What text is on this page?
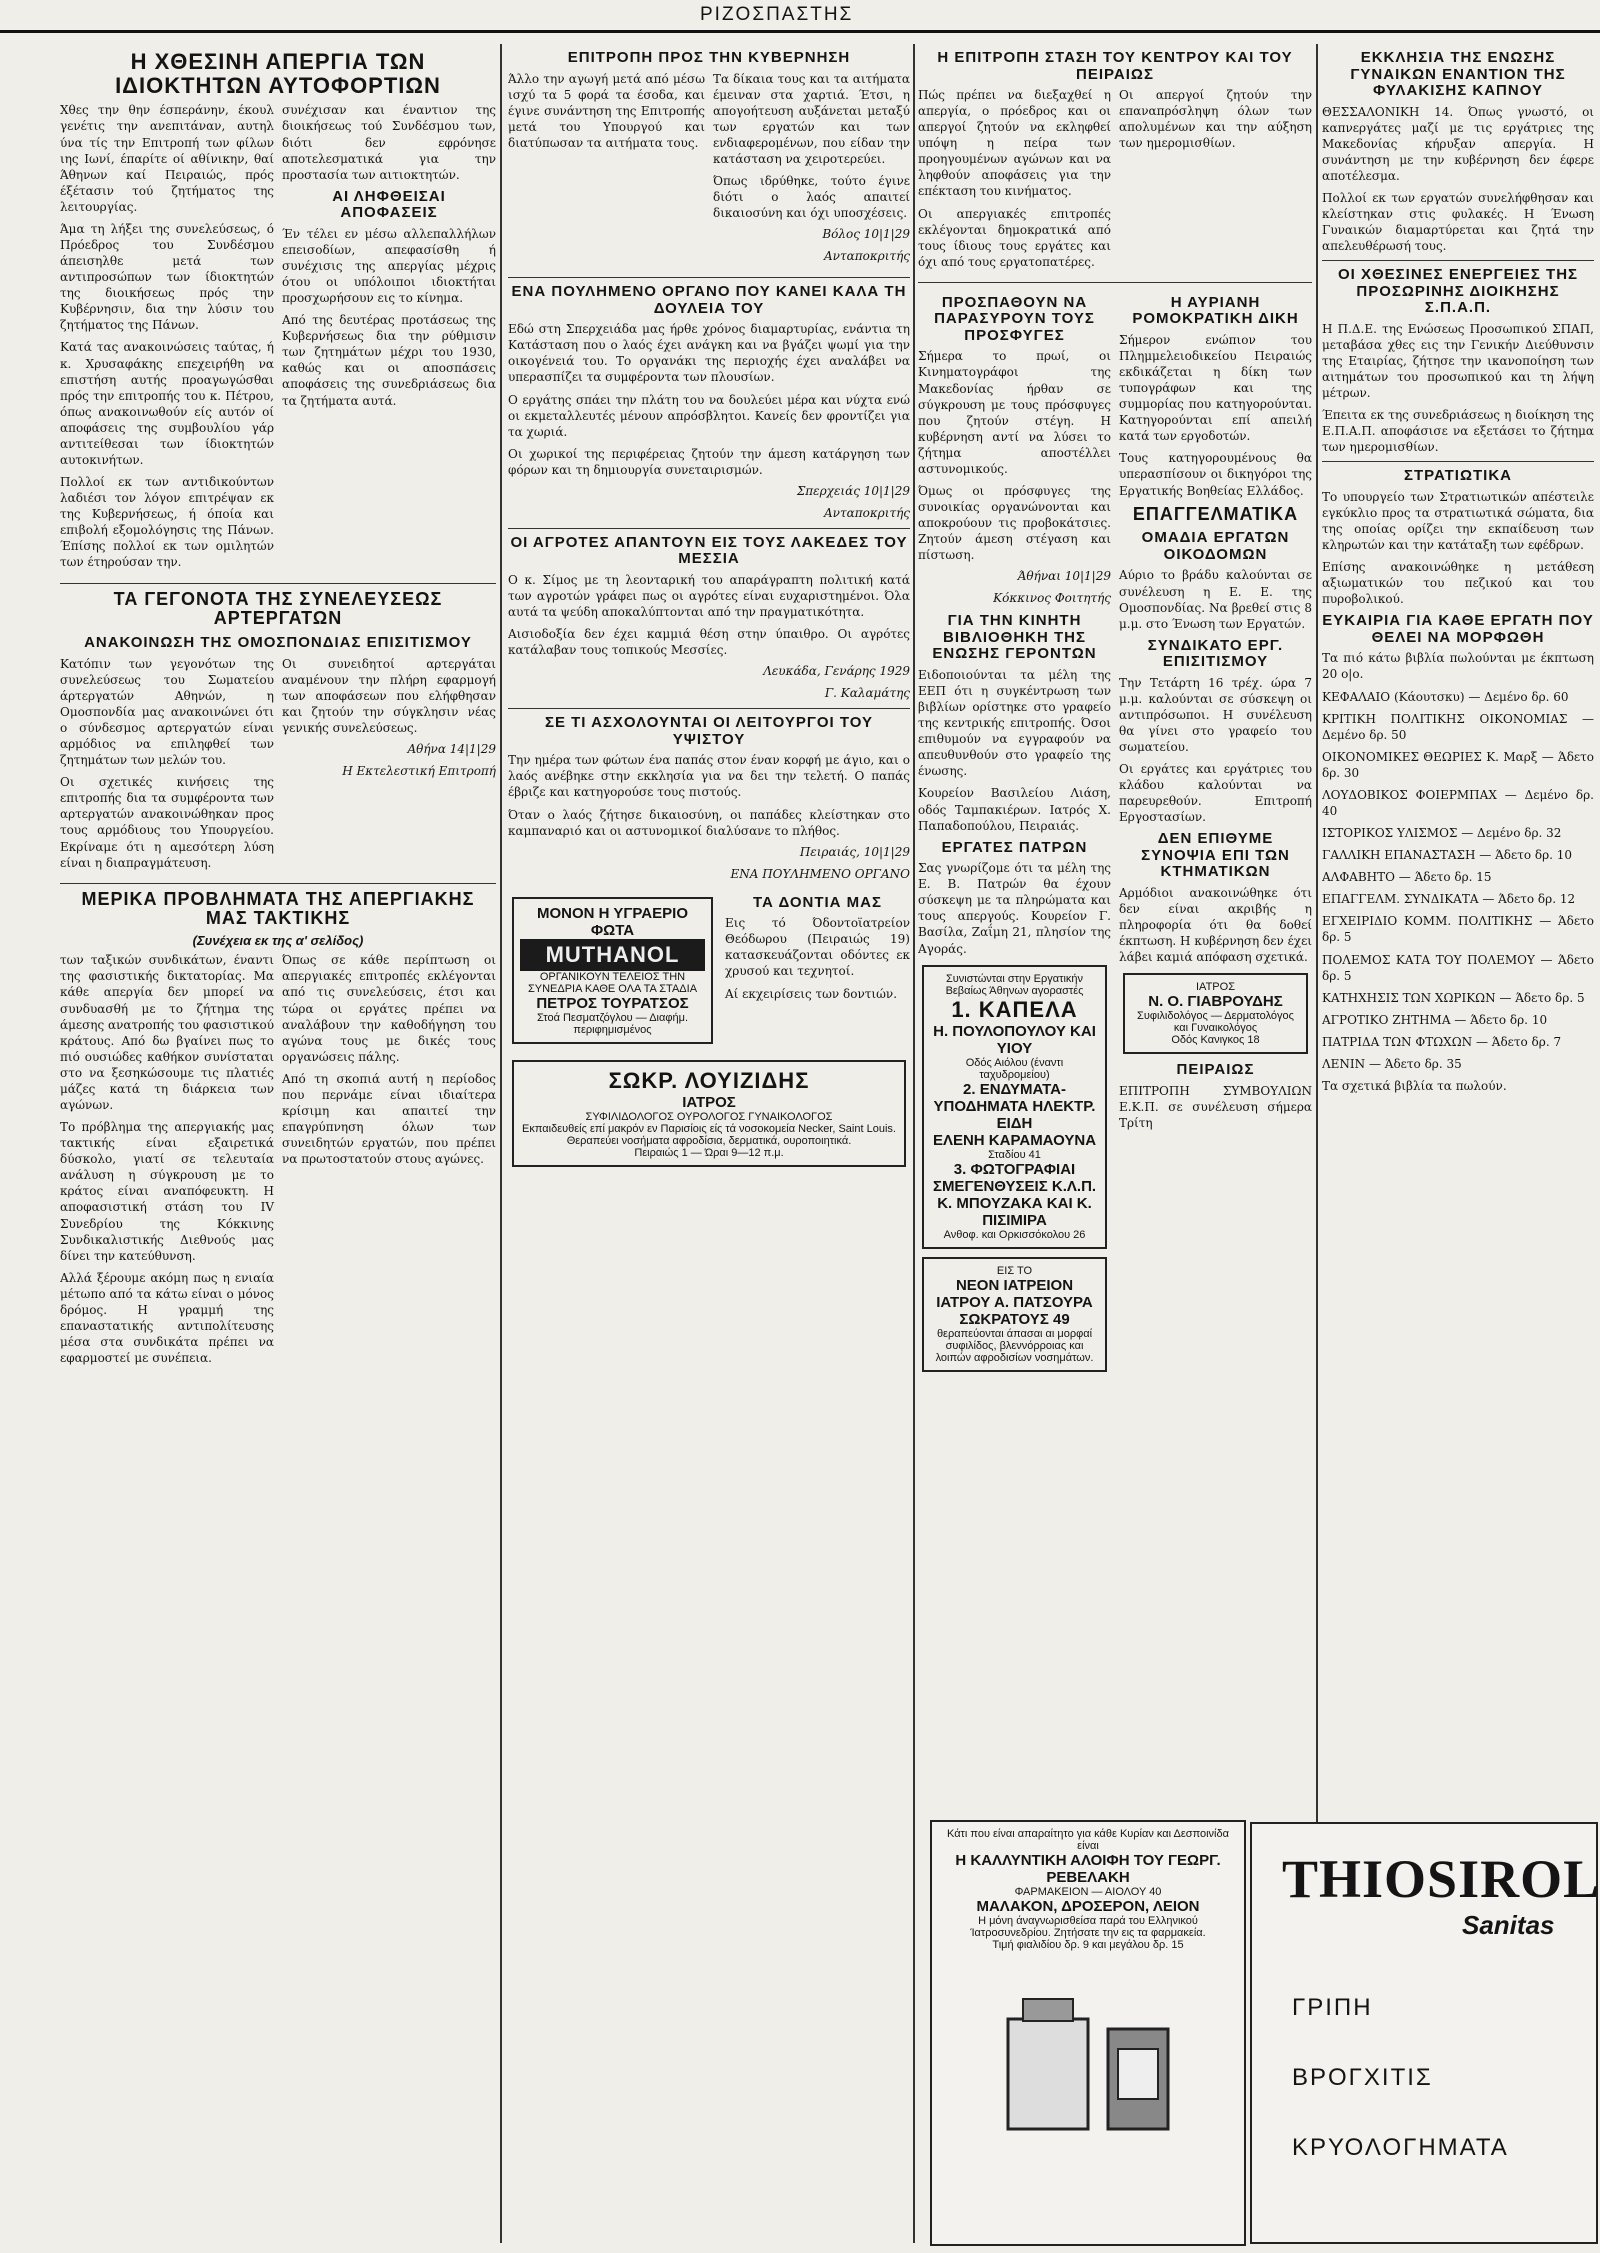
ΡΙΖΟΣΠΑΣΤΗΣ
Η ΧΘΕΣΙΝΗ ΑΠΕΡΓΙΑ ΤΩΝ ΙΔΙΟΚΤΗΤΩΝ ΑΥΤΟΦΟΡΤΙΩΝ

Χθες την θην έσπεράνην, έκουλ γενέτις την ανεπιτάναν, αυτηλ ύνα τίς την Επιτροπή των φίλων ιης Ιωνί, έπαρίτε οί αθίνικην, θαί Άθηνων καί Πειραιώς, πρός έξέτασιν τού ζητήματος της λειτουργίας.

Άμα τη λήξει της συνελεύσεως, ό Πρόεδρος του Συνδέσμου άπεισηλθε μετά των αντιπροσώπων των ίδιοκτητών της διοικήσεως πρός την Κυβέρνησιν, δια την λύσιν του ζητήματος της Πάνων.

Κατά τας ανακοινώσεις ταύτας, ή κ. Χρυσαφάκης επεχειρήθη να επιστήση αυτής προαγωγώσθαι πρός την επιτροπής του κ. Πέτρου, όπως ανακοινωθούν είς αυτόν οί αποφάσεις της συμβουλίου γάρ αντιτείθεσαι των ίδιοκτητών αυτοκινήτων.

Πολλοί εκ των αντιδικούντων λαδιέσι τον λόγον επιτρέψαν εκ της Κυβερνήσεως, ή όποία και επιβολή εξομολόγησις της Πάνων. Έπίσης πολλοί εκ των ομιλητών των έτηρούσαν την.

συνέχισαν και έναντιον της διοικήσεως τού Συνδέσμου των, διότι δεν εφρόνησε αποτελεσματικά για την προστασία των αιτιοκτητών.

ΑΙ ΛΗΦΘΕΙΣΑΙ ΑΠΟΦΑΣΕΙΣ

Έν τέλει εν μέσω αλλεπαλλήλων επεισοδίων, απεφασίσθη ή συνέχισις της απεργίας μέχρις ότου οι υπόλοιποι ιδιοκτήται προσχωρήσουν εις το κίνημα.

Από της δευτέρας προτάσεως της Κυβερνήσεως δια την ρύθμισιν των ζητημάτων μέχρι του 1930, καθώς και οι αποσπάσεις αποφάσεις της συνεδριάσεως δια τα ζητήματα αυτά.

ΤΑ ΓΕΓΟΝΟΤΑ ΤΗΣ ΣΥΝΕΛΕΥΣΕΩΣ ΑΡΤΕΡΓΑΤΩΝ
ΑΝΑΚΟΙΝΩΣΗ ΤΗΣ ΟΜΟΣΠΟΝΔΙΑΣ ΕΠΙΣΙΤΙΣΜΟΥ

Κατόπιν των γεγονότων της συνελεύσεως του Σωματείου άρτεργατών Αθηνών, η Ομοσπονδία μας ανακοινώνει ότι ο σύνδεσμος αρτεργατών είναι αρμόδιος να επιληφθεί των ζητημάτων των μελών του.

Οι σχετικές κινήσεις της επιτροπής δια τα συμφέροντα των αρτεργατών ανακοινώθηκαν προς τους αρμόδιους του Υπουργείου. Εκρίναμε ότι η αμεσότερη λύση είναι η διαπραγμάτευση.

Οι συνειδητοί αρτεργάται αναμένουν την πλήρη εφαρμογή των αποφάσεων που ελήφθησαν και ζητούν την σύγκλησιν νέας γενικής συνελεύσεως.

Αθήνα 14|1|29
Η Εκτελεστική Επιτροπή
ΜΕΡΙΚΑ ΠΡΟΒΛΗΜΑΤΑ ΤΗΣ ΑΠΕΡΓΙΑΚΗΣ ΜΑΣ ΤΑΚΤΙΚΗΣ
(Συνέχεια εκ της α' σελίδος)

των ταξικών συνδικάτων, έναντι της φασιστικής δικτατορίας. Μα κάθε απεργία δεν μπορεί να συνδυασθή με το ζήτημα της άμεσης ανατροπής του φασιστικού κράτους. Από δω βγαίνει πως το πιό ουσιώδες καθήκον συνίσταται στο να ξεσηκώσουμε τις πλατιές μάζες κατά τη διάρκεια των αγώνων.

Το πρόβλημα της απεργιακής μας τακτικής είναι εξαιρετικά δύσκολο, γιατί σε τελευταία ανάλυση η σύγκρουση με το κράτος είναι αναπόφευκτη. Η αποφασιστική στάση του ΙV Συνεδρίου της Κόκκινης Συνδικαλιστικής Διεθνούς μας δίνει την κατεύθυνση.

Αλλά ξέρουμε ακόμη πως η ενιαία μέτωπο από τα κάτω είναι ο μόνος δρόμος. Η γραμμή της επαναστατικής αντιπολίτευσης μέσα στα συνδικάτα πρέπει να εφαρμοστεί με συνέπεια.

Όπως σε κάθε περίπτωση οι απεργιακές επιτροπές εκλέγονται από τις συνελεύσεις, έτσι και τώρα οι εργάτες πρέπει να αναλάβουν την καθοδήγηση του αγώνα τους με δικές τους οργανώσεις πάλης.

Από τη σκοπιά αυτή η περίοδος που περνάμε είναι ιδιαίτερα κρίσιμη και απαιτεί την επαγρύπνηση όλων των συνειδητών εργατών, που πρέπει να πρωτοστατούν στους αγώνες.

ΕΠΙΤΡΟΠΗ ΠΡΟΣ ΤΗΝ ΚΥΒΕΡΝΗΣΗ

Άλλο την αγωγή μετά από μέσω ισχύ τα 5 φορά τα έσοδα, και έγινε συνάντηση της Επιτροπής μετά του Υπουργού και διατύπωσαν τα αιτήματα τους.

Τα δίκαια τους και τα αιτήματα έμειναν στα χαρτιά. Έτσι, η απογοήτευση αυξάνεται μεταξύ των εργατών και των ενδιαφερομένων, που είδαν την κατάσταση να χειροτερεύει.

Όπως ιδρύθηκε, τούτο έγινε διότι ο λαός απαιτεί δικαιοσύνη και όχι υποσχέσεις.

Βόλος 10|1|29
Ανταποκριτής
ΕΝΑ ΠΟΥΛΗΜΕΝΟ ΟΡΓΑΝΟ ΠΟΥ ΚΑΝΕΙ ΚΑΛΑ ΤΗ ΔΟΥΛΕΙΑ ΤΟΥ

Εδώ στη Σπερχειάδα μας ήρθε χρόνος διαμαρτυρίας, ενάντια τη Κατάσταση που ο λαός έχει ανάγκη και να βγάζει ψωμί για την οικογένειά του. Το οργανάκι της περιοχής έχει αναλάβει να υπερασπίζει τα συμφέροντα των πλουσίων.

Ο εργάτης σπάει την πλάτη του να δουλεύει μέρα και νύχτα ενώ οι εκμεταλλευτές μένουν απρόσβλητοι. Κανείς δεν φροντίζει για τα χωριά.

Οι χωρικοί της περιφέρειας ζητούν την άμεση κατάργηση των φόρων και τη δημιουργία συνεταιρισμών.

Σπερχειάς 10|1|29
Ανταποκριτής
ΟΙ ΑΓΡΟΤΕΣ ΑΠΑΝΤΟΥΝ ΕΙΣ ΤΟΥΣ ΛΑΚΕΔΕΣ ΤΟΥ ΜΕΣΣΙΑ

Ο κ. Σίμος με τη λεονταρική του απαράγραπτη πολιτική κατά των αγροτών γράφει πως οι αγρότες είναι ευχαριστημένοι. Όλα αυτά τα ψεύδη αποκαλύπτονται από την πραγματικότητα.

Αισιοδοξία δεν έχει καμμιά θέση στην ύπαιθρο. Οι αγρότες κατάλαβαν τους τοπικούς Μεσσίες.

Λευκάδα, Γενάρης 1929
Γ. Καλαμάτης
ΣΕ ΤΙ ΑΣΧΟΛΟΥΝΤΑΙ ΟΙ ΛΕΙΤΟΥΡΓΟΙ ΤΟΥ ΥΨΙΣΤΟΥ

Την ημέρα των φώτων ένα παπάς στον έναν κορφή με άγιο, και ο λαός ανέβηκε στην εκκλησία για να δει την τελετή. Ο παπάς έβριζε και κατηγορούσε τους πιστούς.

Όταν ο λαός ζήτησε δικαιοσύνη, οι παπάδες κλείστηκαν στο καμπαναριό και οι αστυνομικοί διαλύσανε το πλήθος.

Πειραιάς, 10|1|29
ΕΝΑ ΠΟΥΛΗΜΕΝΟ ΟΡΓΑΝΟ
ΜΟΝΟΝ Η ΥΓΡΑΕΡΙΟ ΦΩΤΑ
MUTHANOL
ΟΡΓΑΝΙΚΟΥΝ ΤΕΛΕΙΟΣ ΤΗΝ ΣΥΝΕΔΡΙΑ ΚΑΘΕ ΟΛΑ ΤΑ ΣΤΑΔΙΑ
ΠΕΤΡΟΣ ΤΟΥΡΑΤΣΟΣ
Στοά Πεσματζόγλου — Διαφήμ. περιφημισμένος
ΤΑ ΔΟΝΤΙΑ ΜΑΣ

Εις τό Όδοντοϊατρείον Θεόδωρου (Πειραιώς 19) κατασκευάζονται οδόντες εκ χρυσού και τεχνητοί.

Αί εκχειρίσεις των δοντιών.

ΣΩΚΡ. ΛΟΥΙΖΙΔΗΣ
ΙΑΤΡΟΣ
ΣΥΦΙΛΙΔΟΛΟΓΟΣ ΟΥΡΟΛΟΓΟΣ ΓΥΝΑΙΚΟΛΟΓΟΣ
Εκπαιδευθείς επί μακρόν εν Παρισίοις είς τά νοσοκομεία Necker, Saint Louis. Θεραπεύει νοσήματα αφροδίσια, δερματικά, ουροποιητικά.
Πειραιώς 1 — Ώραι 9—12 π.μ.
Η ΕΠΙΤΡΟΠΗ ΣΤΑΣΗ ΤΟΥ ΚΕΝΤΡΟΥ ΚΑΙ ΤΟΥ ΠΕΙΡΑΙΩΣ

Πώς πρέπει να διεξαχθεί η απεργία, ο πρόεδρος και οι απεργοί ζητούν να εκληφθεί υπόψη η πείρα των προηγουμένων αγώνων και να ληφθούν αποφάσεις για την επέκταση του κινήματος.

Οι απεργιακές επιτροπές εκλέγονται δημοκρατικά από τους ίδιους τους εργάτες και όχι από τους εργατοπατέρες.

Οι απεργοί ζητούν την επαναπρόσληψη όλων των απολυμένων και την αύξηση των ημερομισθίων.

ΠΡΟΣΠΑΘΟΥΝ ΝΑ ΠΑΡΑΣΥΡΟΥΝ ΤΟΥΣ ΠΡΟΣΦΥΓΕΣ

Σήμερα το πρωί, οι Κινηματογράφοι της Μακεδονίας ήρθαν σε σύγκρουση με τους πρόσφυγες που ζητούν στέγη. Η κυβέρνηση αντί να λύσει το ζήτημα αποστέλλει αστυνομικούς.

Όμως οι πρόσφυγες της συνοικίας οργανώνονται και αποκρούουν τις προβοκάτσιες. Ζητούν άμεση στέγαση και πίστωση.

Άθήναι 10|1|29
Κόκκινος Φοιτητής
ΓΙΑ ΤΗΝ ΚΙΝΗΤΗ ΒΙΒΛΙΟΘΗΚΗ ΤΗΣ ΕΝΩΣΗΣ ΓΕΡΟΝΤΩΝ

Ειδοποιούνται τα μέλη της ΕΕΠ ότι η συγκέντρωση των βιβλίων ορίστηκε στο γραφείο της κεντρικής επιτροπής. Όσοι επιθυμούν να εγγραφούν να απευθυνθούν στο γραφείο της ένωσης.

Κουρείον Βασιλείου Λιάση, οδός Ταμπακιέρων. Ιατρός Χ. Παπαδοπούλου, Πειραιάς.

ΕΡΓΑΤΕΣ ΠΑΤΡΩΝ

Σας γνωρίζομε ότι τα μέλη της Ε. Β. Πατρών θα έχουν σύσκεψη με τα πληρώματα και τους απεργούς. Κουρείον Γ. Βασίλα, Ζαΐμη 21, πλησίον της Αγοράς.

Συνιστώνται στην Εργατικήν Βεβαίως Άθηνων αγοραστές
1. ΚΑΠΕΛΑ
Η. ΠΟΥΛΟΠΟΥΛΟΥ ΚΑΙ ΥΙΟΥ
Οδός Αιόλου (έναντι ταχυδρομείου)
2. ΕΝΔΥΜΑΤΑ-ΥΠΟΔΗΜΑΤΑ ΗΛΕΚΤΡ. ΕΙΔΗ
ΕΛΕΝΗ ΚΑΡΑΜΑΟΥΝΑ
Σταδίου 41
3. ΦΩΤΟΓΡΑΦΙΑΙ ΣΜΕΓΕΝΘΥΣΕΙΣ Κ.Λ.Π.
Κ. ΜΠΟΥΖΑΚΑ ΚΑΙ Κ. ΠΙΣΙΜΙΡΑ
Ανθοφ. και Ορκισσόκολου 26
ΕΙΣ ΤΟ
ΝΕΟΝ ΙΑΤΡΕΙΟΝ ΙΑΤΡΟΥ Α. ΠΑΤΣΟΥΡΑ
ΣΩΚΡΑΤΟΥΣ 49
θεραπεύονται άπασαι αι μορφαί συφιλίδος, βλεννόρροιας και λοιπών αφροδισίων νοσημάτων.
Η ΑΥΡΙΑΝΗ ΡΟΜΟΚΡΑΤΙΚΗ ΔΙΚΗ

Σήμερον ενώπιον του Πλημμελειοδικείου Πειραιώς εκδικάζεται η δίκη των τυπογράφων και της συμμορίας που κατηγορούνται. Κατηγορούνται επί απειλή κατά των εργοδοτών.

Τους κατηγορουμένους θα υπερασπίσουν οι δικηγόροι της Εργατικής Βοηθείας Ελλάδος.

ΕΠΑΓΓΕΛΜΑΤΙΚΑ
ΟΜΑΔΙΑ ΕΡΓΑΤΩΝ ΟΙΚΟΔΟΜΩΝ

Αύριο το βράδυ καλούνται σε συνέλευση η Ε. Ε. της Ομοσπονδίας. Να βρεθεί στις 8 μ.μ. στο Ένωση των Εργατών.

ΣΥΝΔΙΚΑΤΟ ΕΡΓ. ΕΠΙΣΙΤΙΣΜΟΥ

Την Τετάρτη 16 τρέχ. ώρα 7 μ.μ. καλούνται σε σύσκεψη οι αντιπρόσωποι. Η συνέλευση θα γίνει στο γραφείο του σωματείου.

Οι εργάτες και εργάτριες του κλάδου καλούνται να παρευρεθούν. Επιτροπή Εργοστασίων.

ΔΕΝ ΕΠΙΘΥΜΕ ΣΥΝΟΨΙΑ ΕΠΙ ΤΩΝ ΚΤΗΜΑΤΙΚΩΝ

Αρμόδιοι ανακοινώθηκε ότι δεν είναι ακριβής η πληροφορία ότι θα δοθεί έκπτωση. Η κυβέρνηση δεν έχει λάβει καμιά απόφαση σχετικά.

ΙΑΤΡΟΣ
Ν. Ο. ΓΙΑΒΡΟΥΔΗΣ
Συφιλιδολόγος — Δερματολόγος και Γυναικολόγος
Οδός Κανιγκος 18
ΠΕΙΡΑΙΩΣ

ΕΠΙΤΡΟΠΗ ΣΥΜΒΟΥΛΙΩΝ Ε.Κ.Π. σε συνέλευση σήμερα Τρίτη

ΕΚΚΛΗΣΙΑ ΤΗΣ ΕΝΩΣΗΣ ΓΥΝΑΙΚΩΝ ΕΝΑΝΤΙΟΝ ΤΗΣ ΦΥΛΑΚΙΣΗΣ ΚΑΠΝΟΥ

ΘΕΣΣΑΛΟΝΙΚΗ 14. Όπως γνωστό, οι καπνεργάτες μαζί με τις εργάτριες της Μακεδονίας κήρυξαν απεργία. Η συνάντηση με την κυβέρνηση δεν έφερε αποτέλεσμα.

Πολλοί εκ των εργατών συνελήφθησαν και κλείστηκαν στις φυλακές. Η Ένωση Γυναικών διαμαρτύρεται και ζητά την απελευθέρωσή τους.

ΟΙ ΧΘΕΣΙΝΕΣ ΕΝΕΡΓΕΙΕΣ ΤΗΣ ΠΡΟΣΩΡΙΝΗΣ ΔΙΟΙΚΗΣΗΣ Σ.Π.Α.Π.

Η Π.Δ.Ε. της Ενώσεως Προσωπικού ΣΠΑΠ, μεταβάσα χθες εις την Γενικήν Διεύθυνσιν της Εταιρίας, ζήτησε την ικανοποίηση των αιτημάτων του προσωπικού και τη λήψη μέτρων.

Έπειτα εκ της συνεδριάσεως η διοίκηση της Ε.Π.Α.Π. αποφάσισε να εξετάσει το ζήτημα των ημερομισθίων.

ΣΤΡΑΤΙΩΤΙΚΑ

Το υπουργείο των Στρατιωτικών απέστειλε εγκύκλιο προς τα στρατιωτικά σώματα, δια της οποίας ορίζει την εκπαίδευση των κληρωτών και την κατάταξη των εφέδρων.

Επίσης ανακοινώθηκε η μετάθεση αξιωματικών του πεζικού και του πυροβολικού.

ΕΥΚΑΙΡΙΑ ΓΙΑ ΚΑΘΕ ΕΡΓΑΤΗ ΠΟΥ ΘΕΛΕΙ ΝΑ ΜΟΡΦΩΘΗ

Τα πιό κάτω βιβλία πωλούνται με έκπτωση 20 ο|ο.

ΚΕΦΑΛΑΙΟ (Κάουτσκυ) — Δεμένο δρ. 60

ΚΡΙΤΙΚΗ ΠΟΛΙΤΙΚΗΣ ΟΙΚΟΝΟΜΙΑΣ — Δεμένο δρ. 50

ΟΙΚΟΝΟΜΙΚΕΣ ΘΕΩΡΙΕΣ Κ. Μαρξ — Άδετο δρ. 30

ΛΟΥΔΟΒΙΚΟΣ ΦΟΙΕΡΜΠΑΧ — Δεμένο δρ. 40

ΙΣΤΟΡΙΚΟΣ ΥΛΙΣΜΟΣ — Δεμένο δρ. 32

ΓΑΛΛΙΚΗ ΕΠΑΝΑΣΤΑΣΗ — Άδετο δρ. 10

ΑΛΦΑΒΗΤΟ — Άδετο δρ. 15

ΕΠΑΓΓΕΛΜ. ΣΥΝΔΙΚΑΤΑ — Άδετο δρ. 12

ΕΓΧΕΙΡΙΔΙΟ ΚΟΜΜ. ΠΟΛΙΤΙΚΗΣ — Άδετο δρ. 5

ΠΟΛΕΜΟΣ ΚΑΤΑ ΤΟΥ ΠΟΛΕΜΟΥ — Άδετο δρ. 5

ΚΑΤΗΧΗΣΙΣ ΤΩΝ ΧΩΡΙΚΩΝ — Άδετο δρ. 5

ΑΓΡΟΤΙΚΟ ΖΗΤΗΜΑ — Άδετο δρ. 10

ΠΑΤΡΙΔΑ ΤΩΝ ΦΤΩΧΩΝ — Άδετο δρ. 7

ΛΕΝΙΝ — Άδετο δρ. 35

Τα σχετικά βιβλία τα πωλούν.

Κάτι που είναι απαραίτητο για κάθε Κυρίαν και Δεσποινίδα είναι
Η ΚΑΛΛΥΝΤΙΚΗ ΑΛΟΙΦΗ ΤΟΥ ΓΕΩΡΓ. ΡΕΒΕΛΑΚΗ
ΦΑΡΜΑΚΕΙΟΝ — ΑΙΟΛΟΥ 40
ΜΑΛΑΚΟΝ, ΔΡΟΣΕΡΟΝ, ΛΕΙΟΝ
Η μόνη άναγνωρισθείσα παρά του Ελληνικού Ίατροσυνεδρίου. Ζητήσατε την εις τα φαρμακεία.
Τιμή φιαλιδίου δρ. 9 και μεγάλου δρ. 15
THIOSIROL
Sanitas
ΓΡΙΠΗ
ΒΡΟΓΧΙΤΙΣ
ΚΡΥΟΛΟΓΗΜΑΤΑ
